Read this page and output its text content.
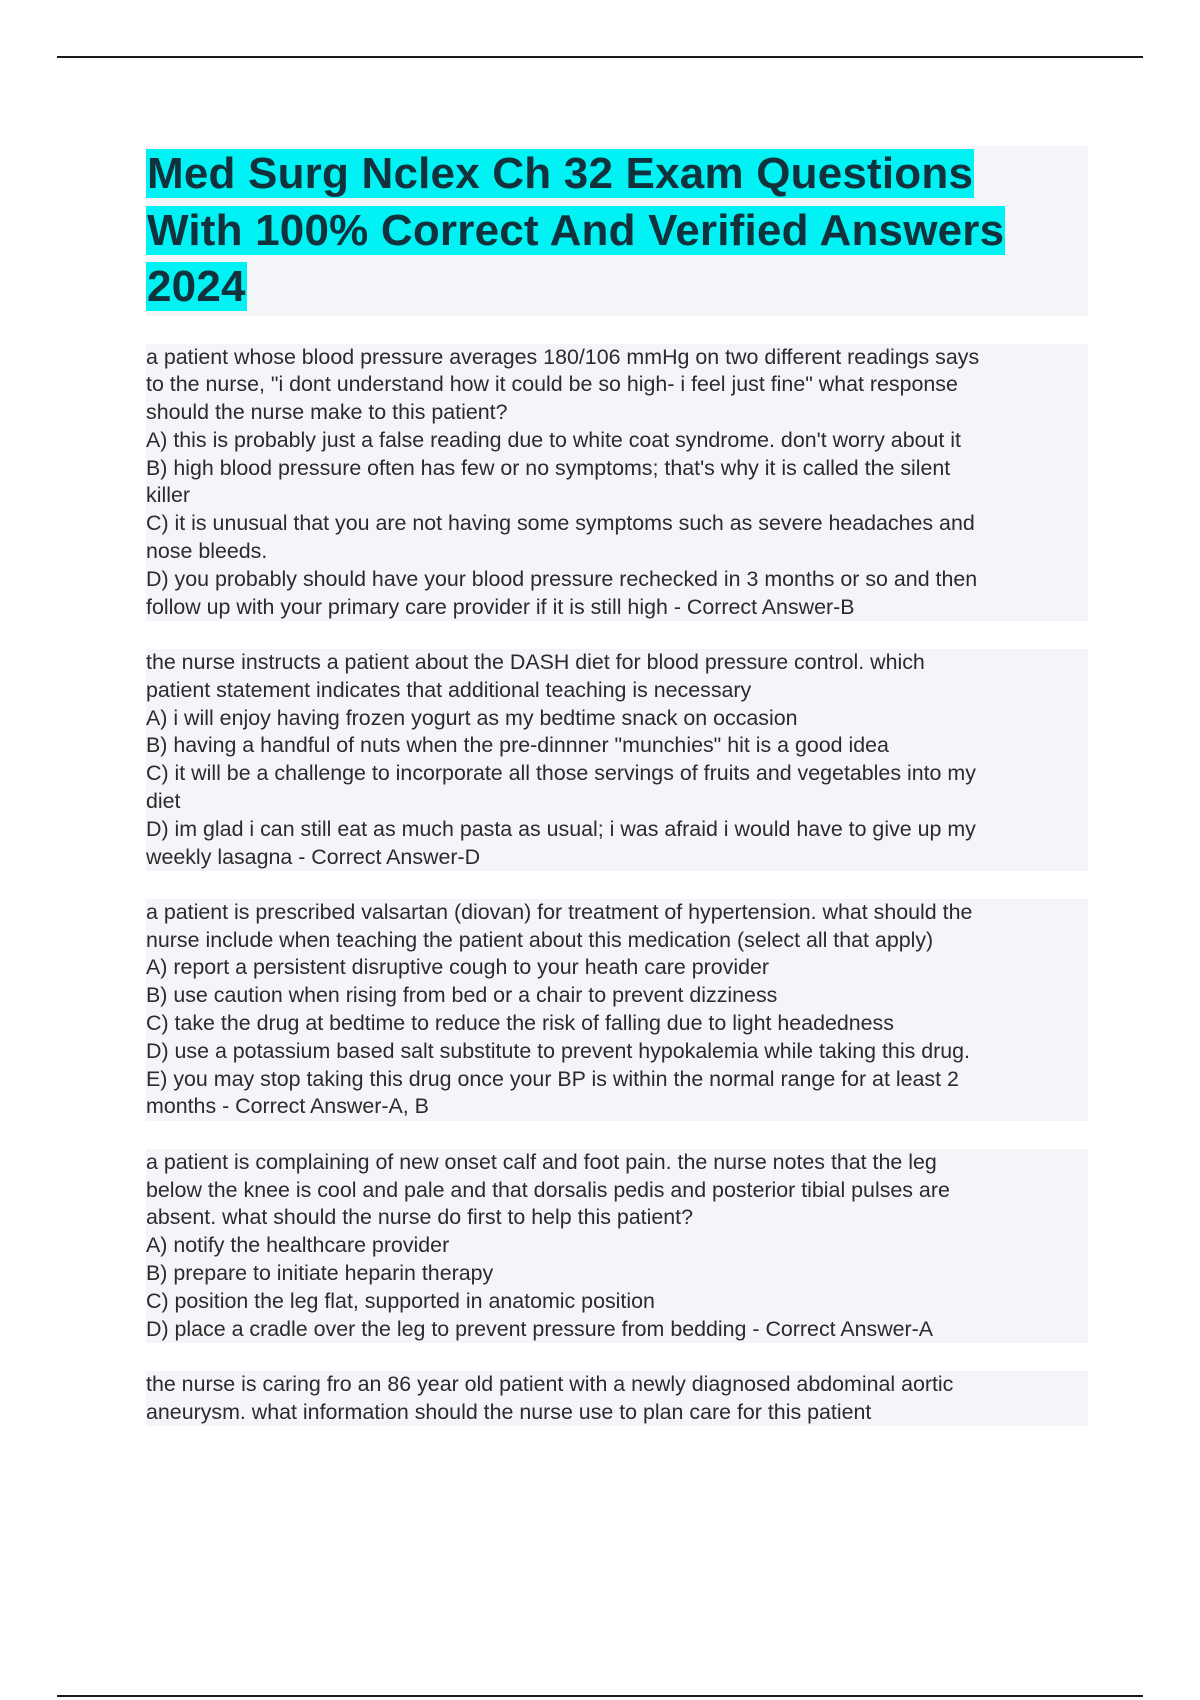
Med Surg Nclex Ch 32 Exam Questions
With 100% Correct And Verified Answers
2024
a patient whose blood pressure averages 180/106 mmHg on two different readings says
to the nurse, "i dont understand how it could be so high- i feel just fine" what response
should the nurse make to this patient?
A) this is probably just a false reading due to white coat syndrome. don't worry about it
B) high blood pressure often has few or no symptoms; that's why it is called the silent
killer
C) it is unusual that you are not having some symptoms such as severe headaches and
nose bleeds.
D) you probably should have your blood pressure rechecked in 3 months or so and then
follow up with your primary care provider if it is still high - Correct Answer-B
the nurse instructs a patient about the DASH diet for blood pressure control. which
patient statement indicates that additional teaching is necessary
A) i will enjoy having frozen yogurt as my bedtime snack on occasion
B) having a handful of nuts when the pre-dinnner "munchies" hit is a good idea
C) it will be a challenge to incorporate all those servings of fruits and vegetables into my
diet
D) im glad i can still eat as much pasta as usual; i was afraid i would have to give up my
weekly lasagna - Correct Answer-D
a patient is prescribed valsartan (diovan) for treatment of hypertension. what should the
nurse include when teaching the patient about this medication (select all that apply)
A) report a persistent disruptive cough to your heath care provider
B) use caution when rising from bed or a chair to prevent dizziness
C) take the drug at bedtime to reduce the risk of falling due to light headedness
D) use a potassium based salt substitute to prevent hypokalemia while taking this drug.
E) you may stop taking this drug once your BP is within the normal range for at least 2
months - Correct Answer-A, B
a patient is complaining of new onset calf and foot pain. the nurse notes that the leg
below the knee is cool and pale and that dorsalis pedis and posterior tibial pulses are
absent. what should the nurse do first to help this patient?
A) notify the healthcare provider
B) prepare to initiate heparin therapy
C) position the leg flat, supported in anatomic position
D) place a cradle over the leg to prevent pressure from bedding - Correct Answer-A
the nurse is caring fro an 86 year old patient with a newly diagnosed abdominal aortic
aneurysm. what information should the nurse use to plan care for this patient
